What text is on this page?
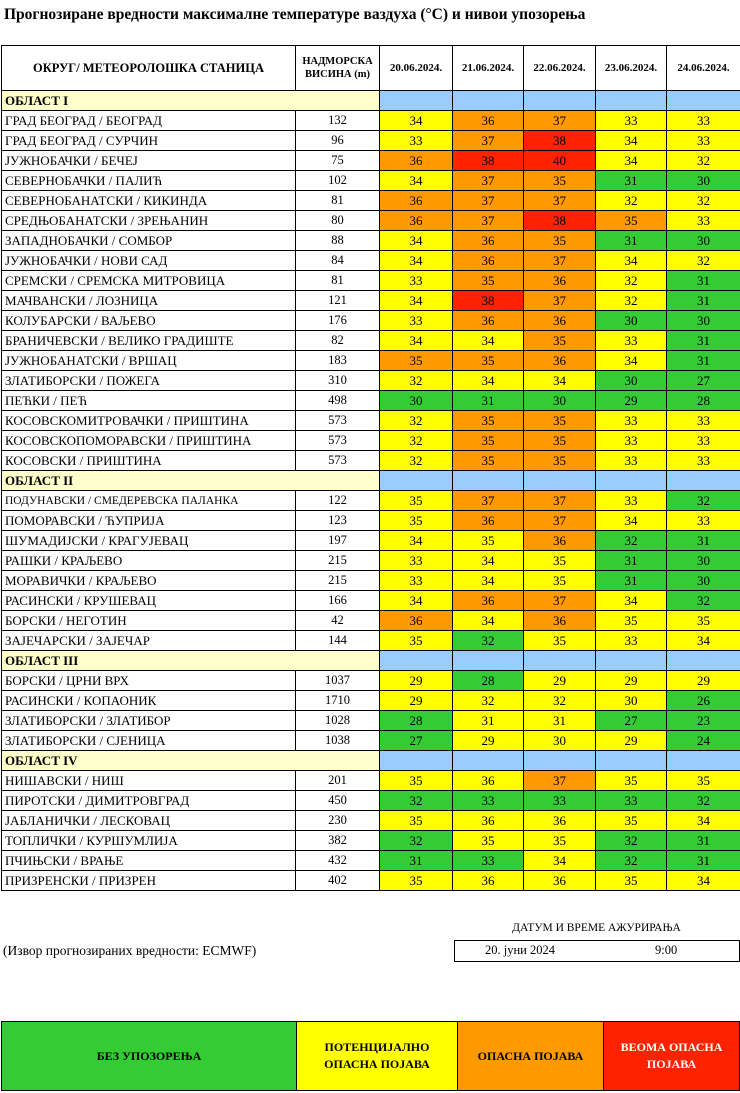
Прогнозиране вредности максималне температуре ваздуха (°C) и нивои упозорења
ОКРУГ/ МЕТЕОРОЛОШКА СТАНИЦА	НАДМОРСКА ВИСИНА (m)	20.06.2024.	21.06.2024.	22.06.2024.	23.06.2024.	24.06.2024.
ОБЛАСТ I						
ГРАД БЕОГРАД / БЕОГРАД	132	34	36	37	33	33
ГРАД БЕОГРАД / СУРЧИН	96	33	37	38	34	33
ЈУЖНОБАЧКИ / БЕЧЕЈ	75	36	38	40	34	32
СЕВЕРНОБАЧКИ / ПАЛИЋ	102	34	37	35	31	30
СЕВЕРНОБАНАТСКИ / КИКИНДА	81	36	37	37	32	32
СРЕДЊОБАНАТСКИ / ЗРЕЊАНИН	80	36	37	38	35	33
ЗАПАДНОБАЧКИ / СОМБОР	88	34	36	35	31	30
ЈУЖНОБАЧКИ / НОВИ САД	84	34	36	37	34	32
СРЕМСКИ / СРЕМСКА МИТРОВИЦА	81	33	35	36	32	31
МАЧВАНСКИ / ЛОЗНИЦА	121	34	38	37	32	31
КОЛУБАРСКИ / ВАЉЕВО	176	33	36	36	30	30
БРАНИЧЕВСКИ / ВЕЛИКО ГРАДИШТЕ	82	34	34	35	33	31
ЈУЖНОБАНАТСКИ / ВРШАЦ	183	35	35	36	34	31
ЗЛАТИБОРСКИ / ПОЖЕГА	310	32	34	34	30	27
ПЕЋКИ / ПЕЋ	498	30	31	30	29	28
КОСОВСКОМИТРОВАЧКИ / ПРИШТИНА	573	32	35	35	33	33
КОСОВСКОПОМОРАВСКИ / ПРИШТИНА	573	32	35	35	33	33
КОСОВСКИ / ПРИШТИНА	573	32	35	35	33	33
ОБЛАСТ II						
ПОДУНАВСКИ / СМЕДЕРЕВСКА ПАЛАНКА	122	35	37	37	33	32
ПОМОРАВСКИ / ЋУПРИЈА	123	35	36	37	34	33
ШУМАДИЈСКИ / КРАГУЈЕВАЦ	197	34	35	36	32	31
РАШКИ / КРАЉЕВО	215	33	34	35	31	30
МОРАВИЧКИ / КРАЉЕВО	215	33	34	35	31	30
РАСИНСКИ / КРУШЕВАЦ	166	34	36	37	34	32
БОРСКИ / НЕГОТИН	42	36	34	36	35	35
ЗАЈЕЧАРСКИ / ЗАЈЕЧАР	144	35	32	35	33	34
ОБЛАСТ III						
БОРСКИ / ЦРНИ ВРХ	1037	29	28	29	29	29
РАСИНСКИ / КОПАОНИК	1710	29	32	32	30	26
ЗЛАТИБОРСКИ / ЗЛАТИБОР	1028	28	31	31	27	23
ЗЛАТИБОРСКИ / СЈЕНИЦА	1038	27	29	30	29	24
ОБЛАСТ IV						
НИШАВСКИ / НИШ	201	35	36	37	35	35
ПИРОТСКИ / ДИМИТРОВГРАД	450	32	33	33	33	32
ЈАБЛАНИЧКИ / ЛЕСКОВАЦ	230	35	36	36	35	34
ТОПЛИЧКИ / КУРШУМЛИЈА	382	32	35	35	32	31
ПЧИЊСКИ / ВРАЊЕ	432	31	33	34	32	31
ПРИЗРЕНСКИ / ПРИЗРЕН	402	35	36	36	35	34
(Извор прогнозираних вредности: ECMWF)
ДАТУМ И ВРЕМЕ АЖУРИРАЊА
20. јуни 2024	9:00
БЕЗ УПОЗОРЕЊА	ПОТЕНЦИЈАЛНО ОПАСНА ПОЈАВА	ОПАСНА ПОЈАВА	ВЕОМА ОПАСНА ПОЈАВА
